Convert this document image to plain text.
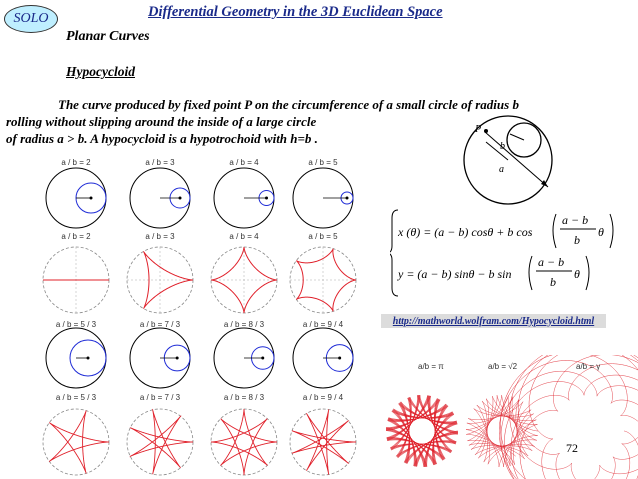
SOLO	Differential Geometry in the 3D Euclidean Space
Planar Curves
Hypocycloid
The curve produced by fixed point P on the circumference of a small circle of radius b
rolling without slipping around the inside of a large circle
of radius a > b. A hypocycloid is a hypotrochoid with h=b .
P
b
a
x (θ) = (a − b) cosθ + b cos
a − b
b
θ
y = (a − b) sinθ − b sin
a − b
b
θ
http://mathworld.wolfram.com/Hypocycloid.html
a / b = 2	a / b = 3	a / b = 4	a / b = 5
a / b = 2	a / b = 3	a / b = 4	a / b = 5
a / b = 5 / 3	a / b = 7 / 3	a / b = 8 / 3	a / b = 9 / 4
a / b = 5 / 3	a / b = 7 / 3	a / b = 8 / 3	a / b = 9 / 4
a/b = π	a/b = √2	a/b = γ
72
